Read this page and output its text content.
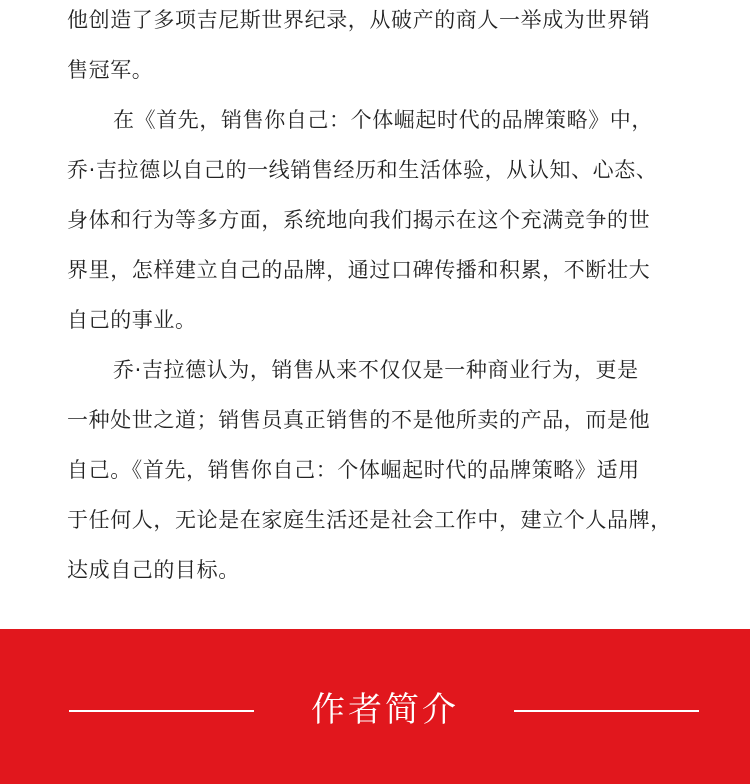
他创造了多项吉尼斯世界纪录，从破产的商人一举成为世界销
售冠军。
在《首先，销售你自己：个体崛起时代的品牌策略》中，
乔·吉拉德以自己的一线销售经历和生活体验，从认知、心态、
身体和行为等多方面，系统地向我们揭示在这个充满竞争的世
界里，怎样建立自己的品牌，通过口碑传播和积累，不断壮大
自己的事业。
乔·吉拉德认为，销售从来不仅仅是一种商业行为，更是
一种处世之道；销售员真正销售的不是他所卖的产品，而是他
自己。《首先，销售你自己：个体崛起时代的品牌策略》适用
于任何人，无论是在家庭生活还是社会工作中，建立个人品牌，
达成自己的目标。
作者简介
